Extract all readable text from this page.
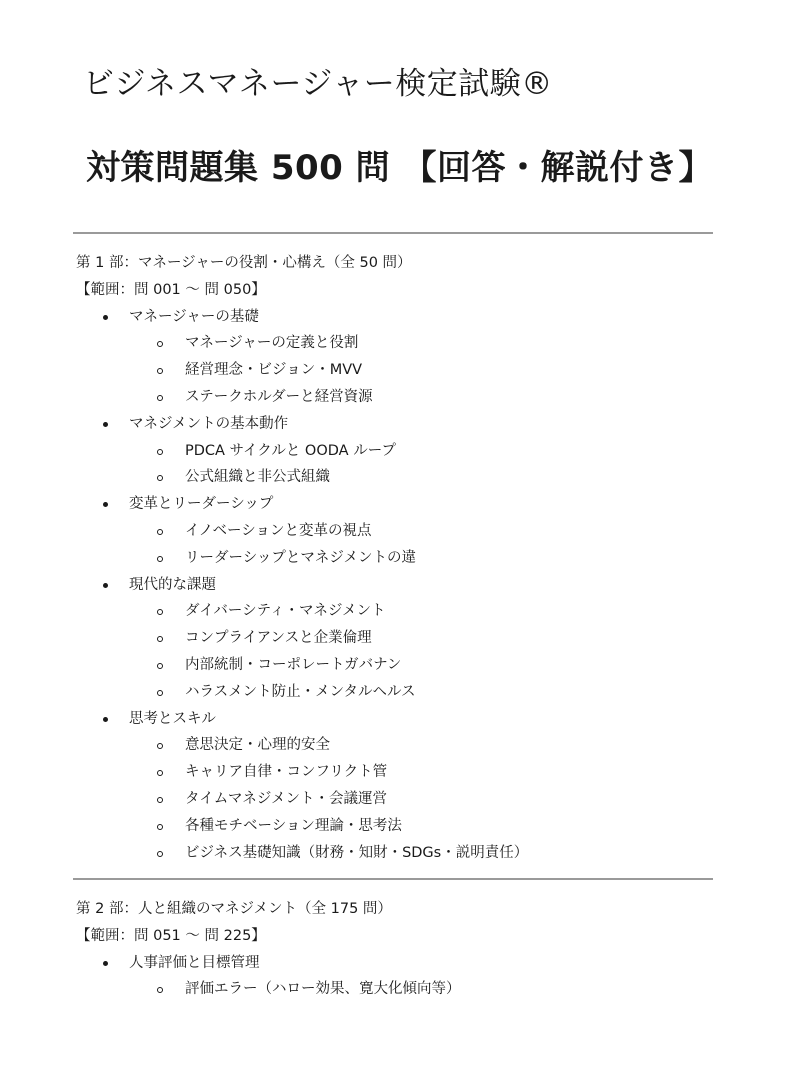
ビジネスマネージャー検定試験®
対策問題集 500 問 【回答・解説付き】
第 1 部：マネージャーの役割・心構え（全 50 問）
【範囲：問 001 ～ 問 050】
マネージャーの基礎
マネージャーの定義と役割
経営理念・ビジョン・MVV
ステークホルダーと経営資源
マネジメントの基本動作
PDCA サイクルと OODA ループ
公式組織と非公式組織
変革とリーダーシップ
イノベーションと変革の視点
リーダーシップとマネジメントの違
現代的な課題
ダイバーシティ・マネジメント
コンプライアンスと企業倫理
内部統制・コーポレートガバナン
ハラスメント防止・メンタルヘルス
思考とスキル
意思決定・心理的安全
キャリア自律・コンフリクト管
タイムマネジメント・会議運営
各種モチベーション理論・思考法
ビジネス基礎知識（財務・知財・SDGs・説明責任）
第 2 部：人と組織のマネジメント（全 175 問）
【範囲：問 051 ～ 問 225】
人事評価と目標管理
評価エラー（ハロー効果、寛大化傾向等）
